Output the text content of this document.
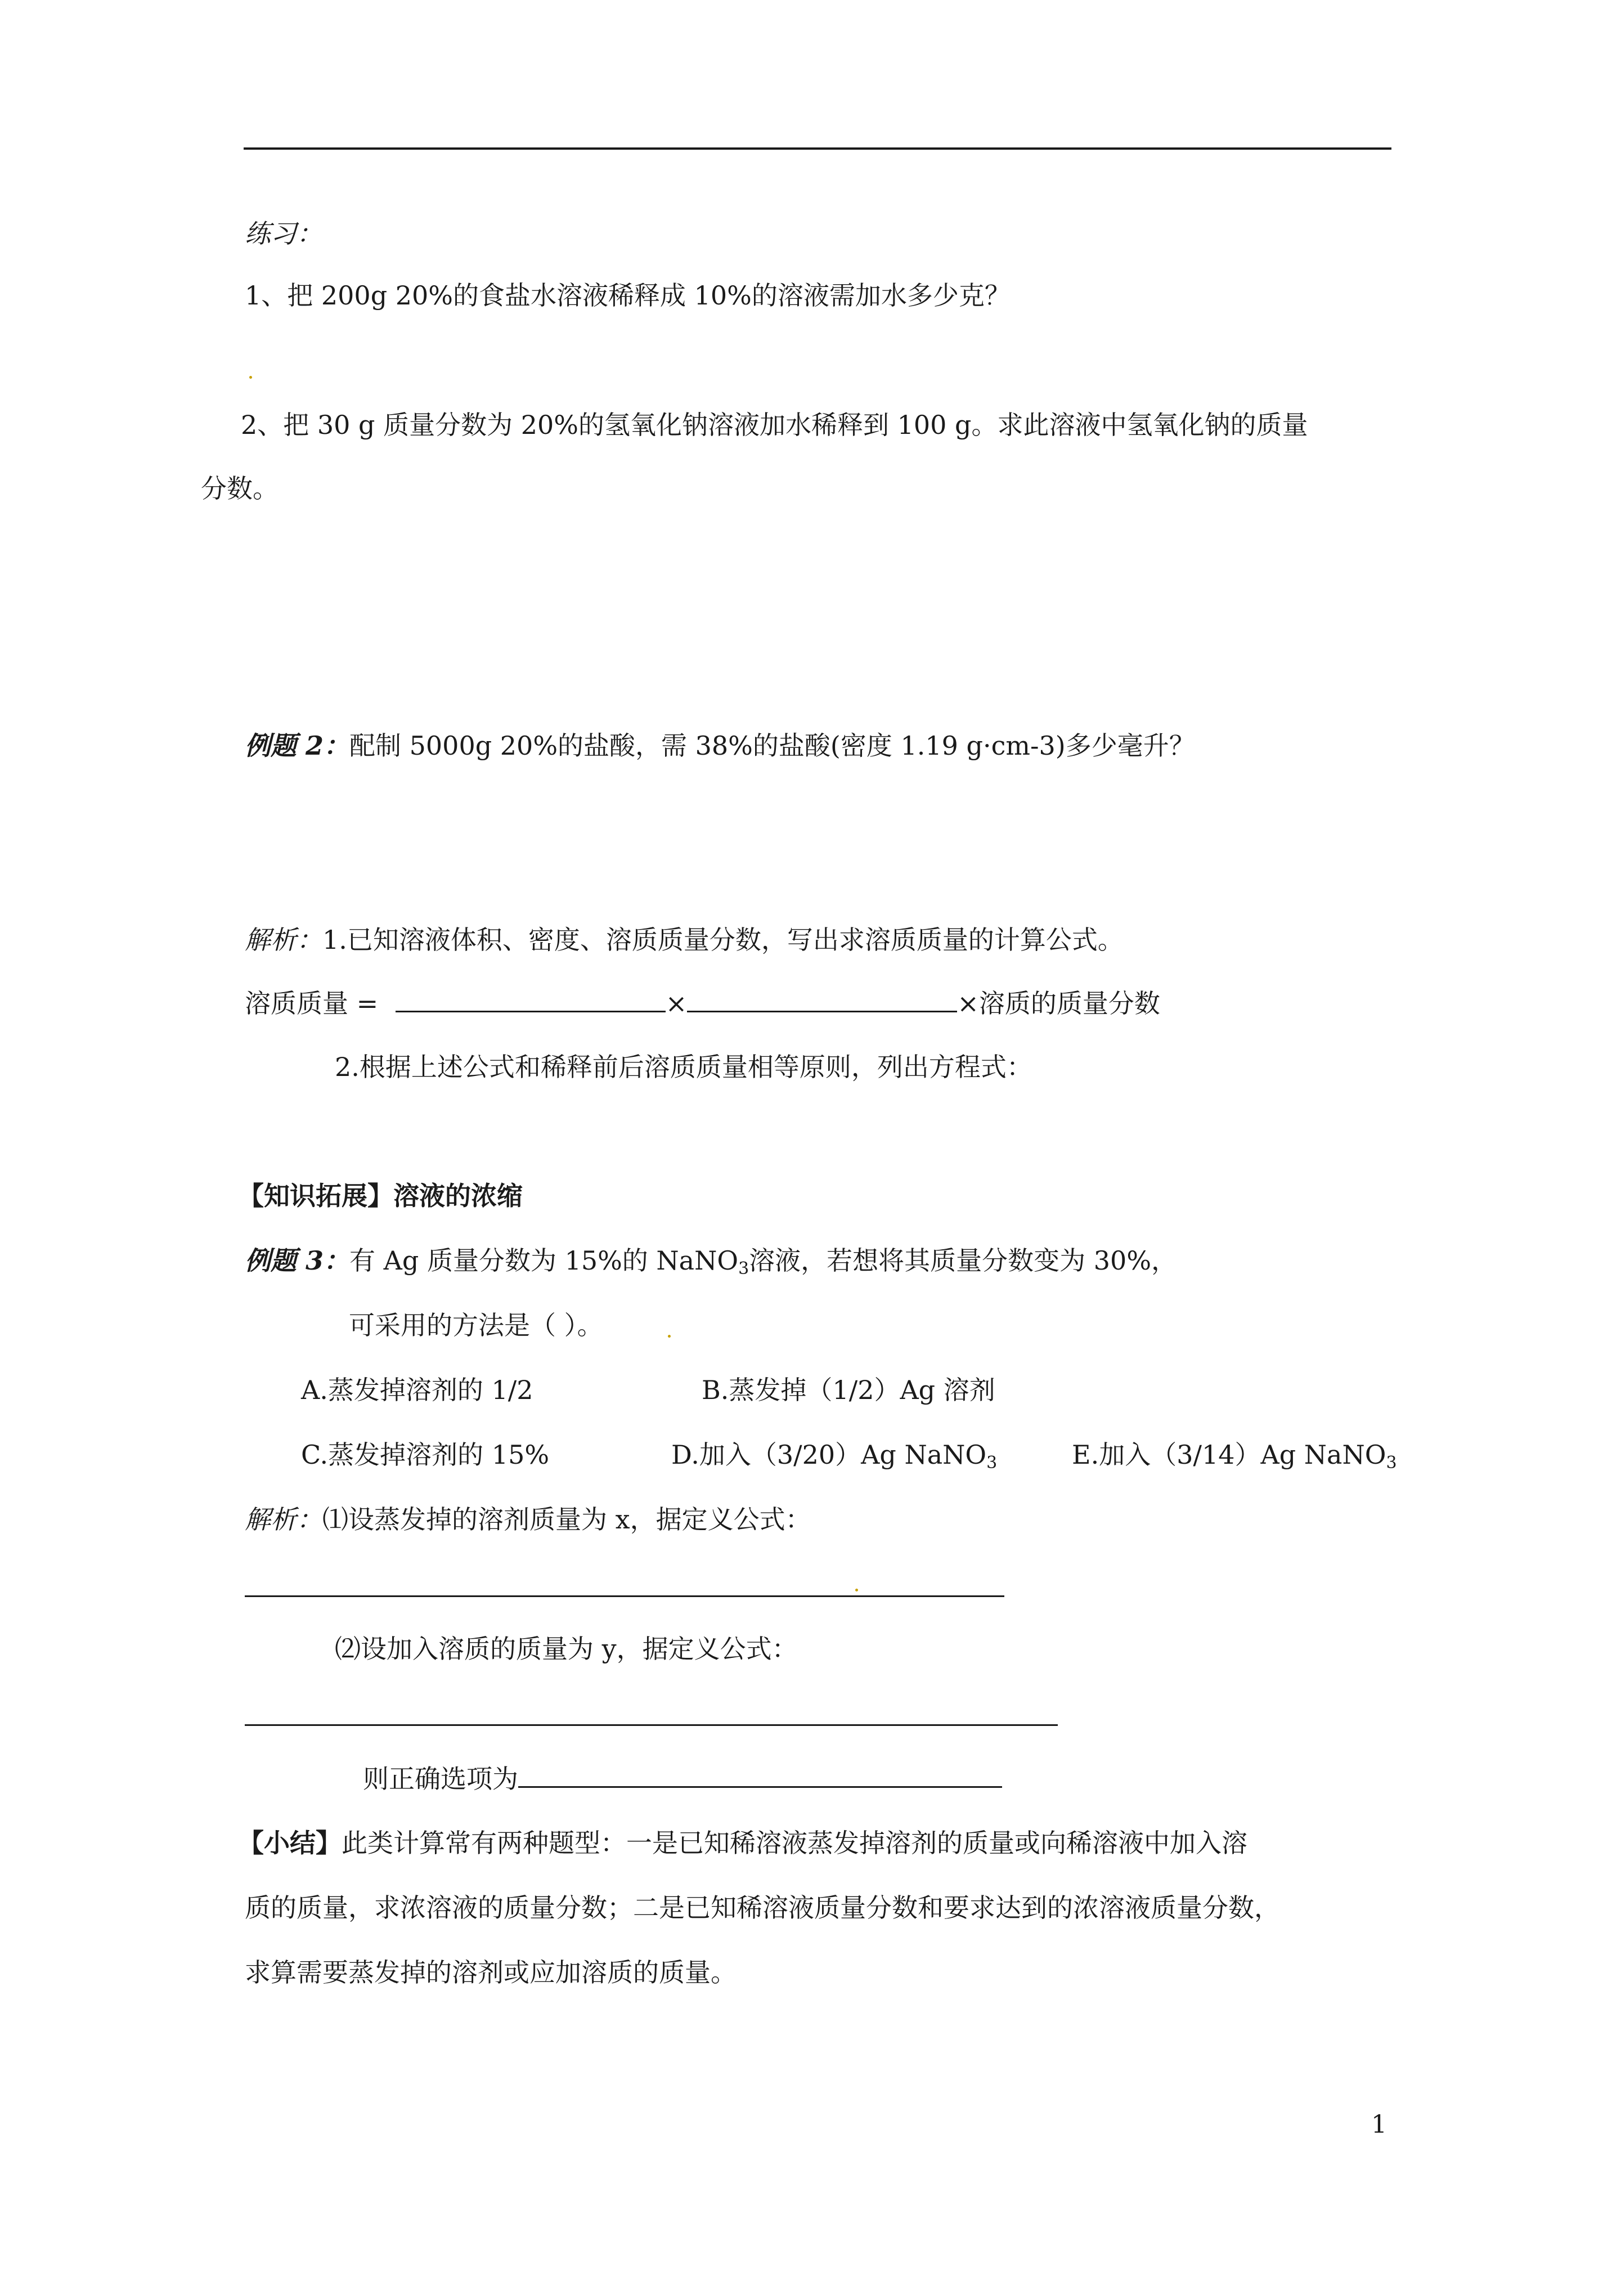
练习：
1、把 200g 20%的食盐水溶液稀释成 10%的溶液需加水多少克？
2、把 30 g 质量分数为 20%的氢氧化钠溶液加水稀释到 100 g。求此溶液中氢氧化钠的质量
分数。
例题 2：配制 5000g 20%的盐酸，需 38%的盐酸(密度 1.19 g·cm-3)多少毫升？
解析：1.已知溶液体积、密度、溶质质量分数，写出求溶质质量的计算公式。
溶质质量 =	×	×溶质的质量分数
2.根据上述公式和稀释前后溶质质量相等原则，列出方程式：
【知识拓展】溶液的浓缩
例题 3：有 Ag 质量分数为 15%的 NaNO$_3$溶液，若想将其质量分数变为 30%，
可采用的方法是（ ）。
A.蒸发掉溶剂的 1/2	B.蒸发掉（1/2）Ag 溶剂
C.蒸发掉溶剂的 15%	D.加入（3/20）Ag NaNO$_3$	E.加入（3/14）Ag NaNO$_3$
解析：⑴设蒸发掉的溶剂质量为 x，据定义公式：
⑵设加入溶质的质量为 y，据定义公式：
则正确选项为
【小结】此类计算常有两种题型：一是已知稀溶液蒸发掉溶剂的质量或向稀溶液中加入溶
质的质量，求浓溶液的质量分数；二是已知稀溶液质量分数和要求达到的浓溶液质量分数，
求算需要蒸发掉的溶剂或应加溶质的质量。
1
